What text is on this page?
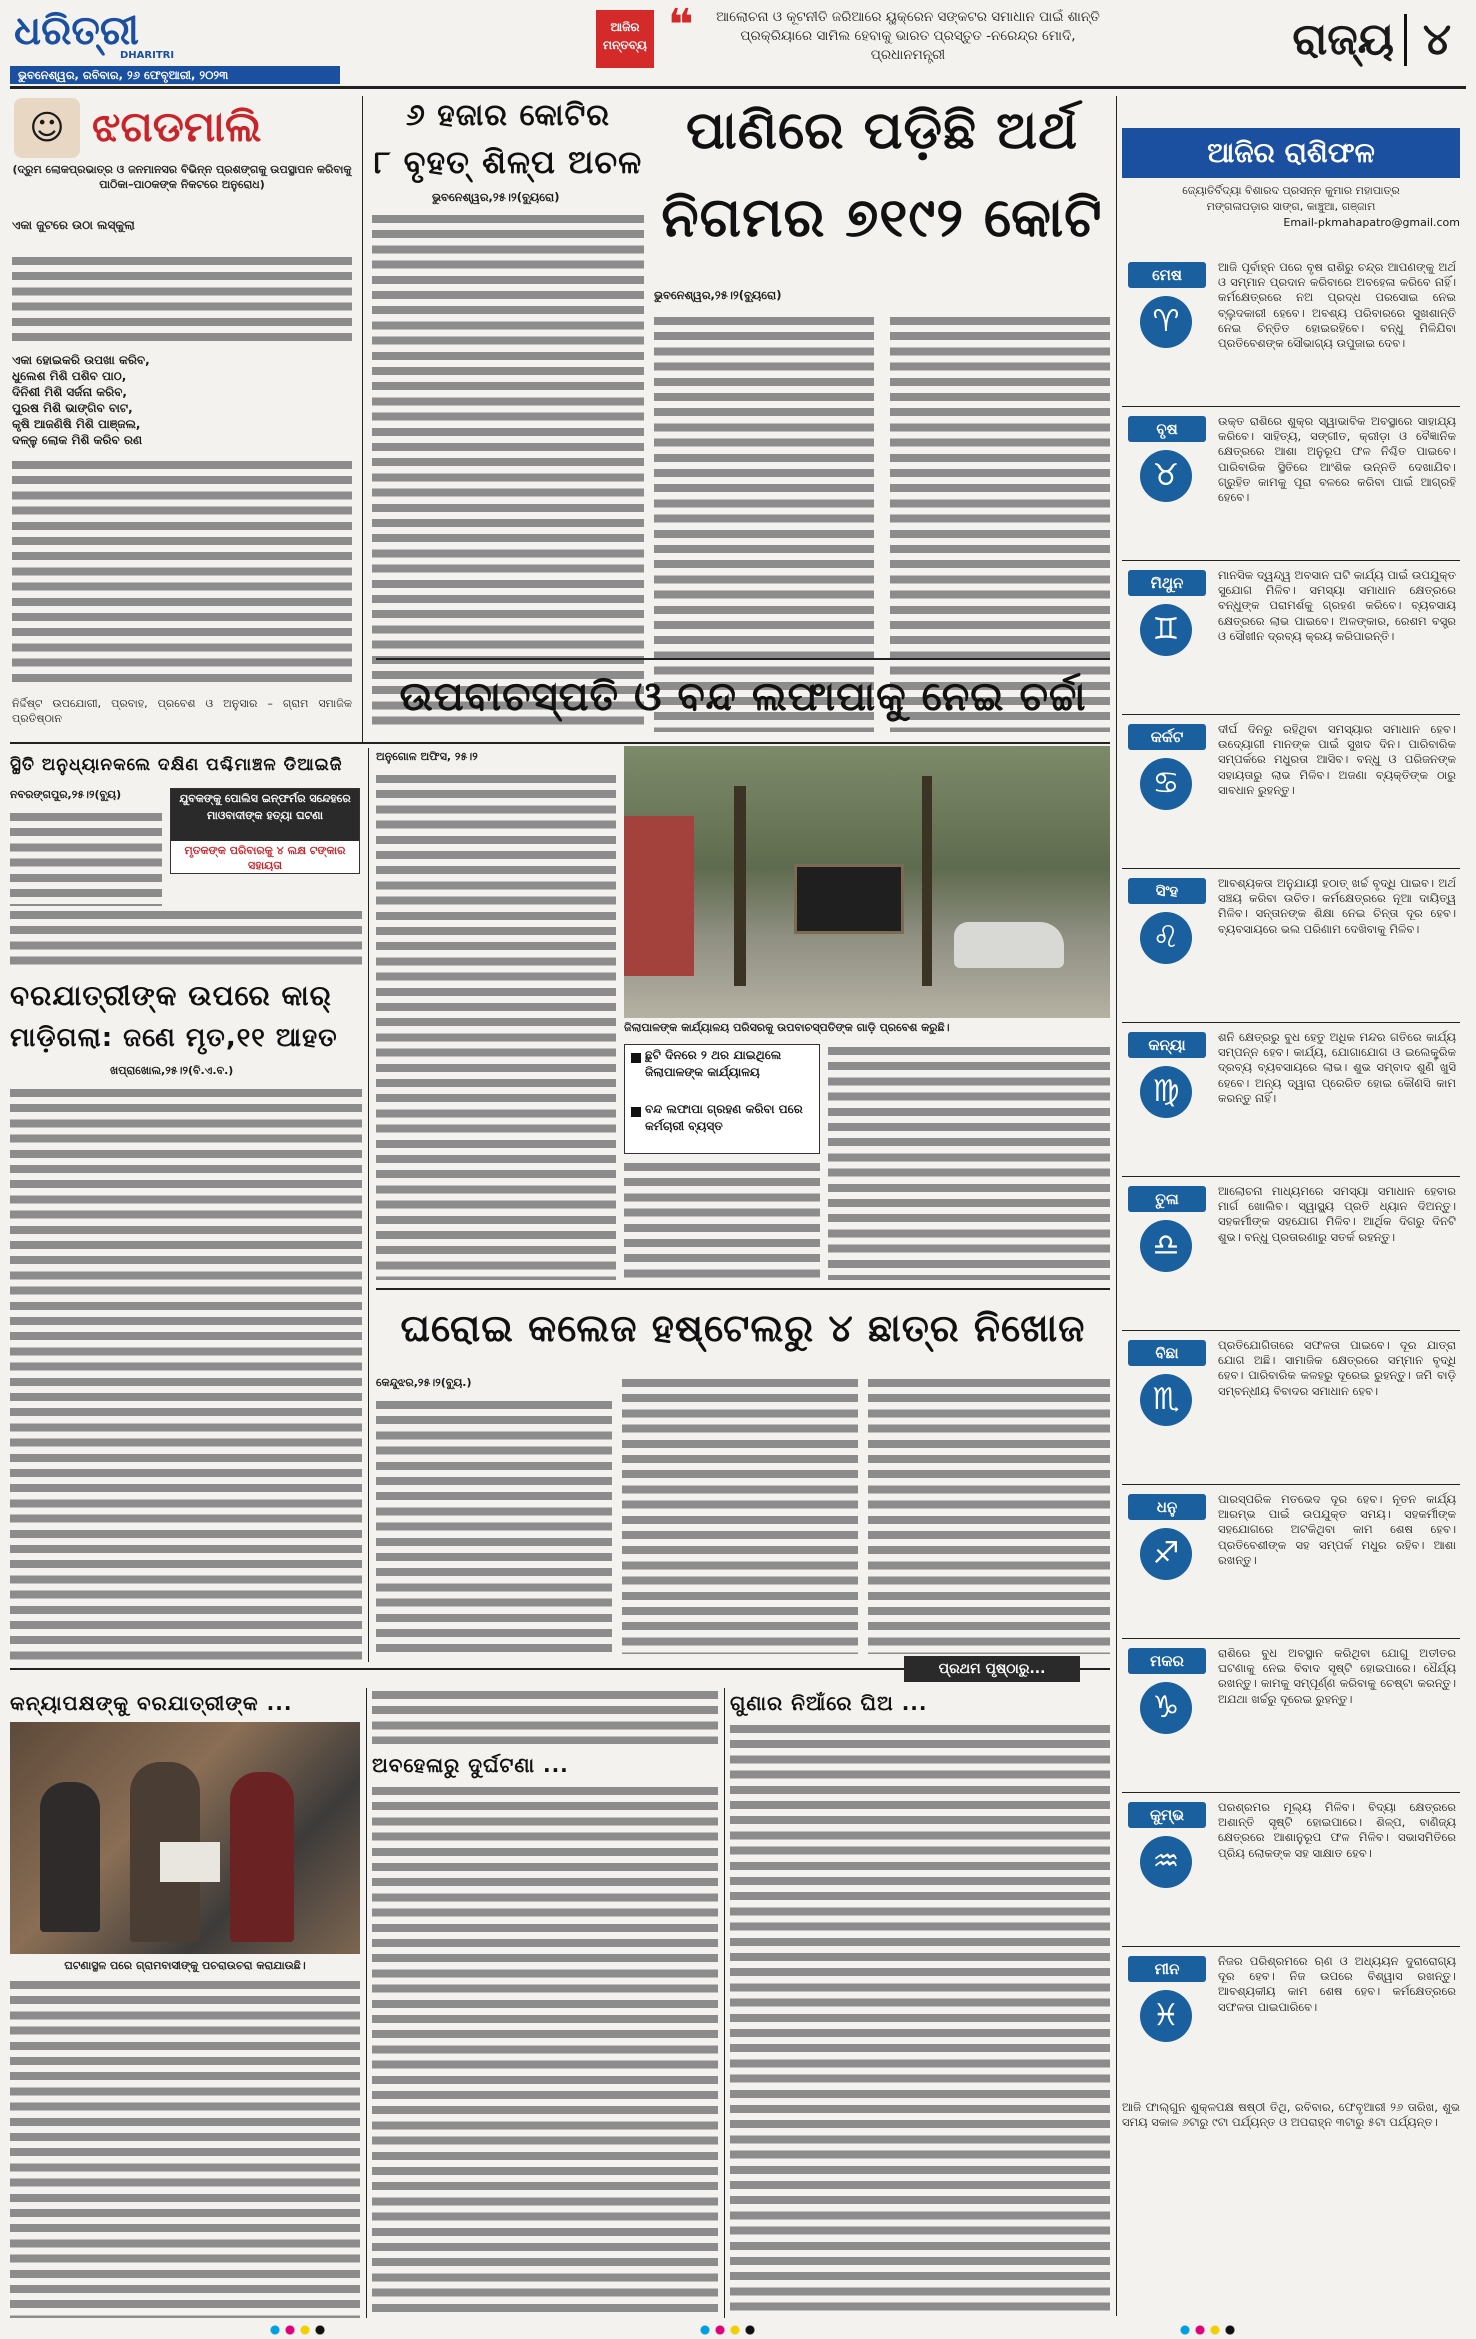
ଧରିତ୍ରୀ
DHARITRI
ଭୁବନେଶ୍ୱର, ରବିବାର, ୨୬ ଫେବୃଆରୀ, ୨୦୨୩
ଆଜିର ମନ୍ତବ୍ୟ ❝	ଆଲୋଚନା ଓ କୂଟନୀତି ଜରିଆରେ ୟୁକ୍ରେନ ସଙ୍କଟର ସମାଧାନ ପାଇଁ ଶାନ୍ତି ପ୍ରକ୍ରିୟାରେ ସାମିଲ ହେବାକୁ ଭାରତ ପ୍ରସ୍ତୁତ -ନରେନ୍ଦ୍ର ମୋଦି, ପ୍ରଧାନମନ୍ତ୍ରୀ	ରାଜ୍ୟ ୪
☺ ଝଗଡମାଲି
(ଦ୍ରୁମ ଲୋକପ୍ରଭାତ୍ର ଓ ଜନମାନସର ବିଭିନ୍ନ ପ୍ରଶଙ୍ଗକୁ ଉପସ୍ଥାପନ କରିବାକୁ ପାଠିକା–ପାଠକଙ୍କ ନିକଟରେ ଅନୁରୋଧ)
ଏକା ଜୁଟରେ ଉଠା ଲସ୍କୁଲା
ଏକା ହୋଇକରି ଉପଖା କରିବ,
ଧୁଲେଶ ମିଶି ପଶିବ ପାଠ,
ଦିନିଶୀ ମିଶି ସର୍ଜନା କରିବ,
ପୁରଷ ମିଶି ଭାଙ୍ଗିବ ବାଟ,
କୃଷି ଆଜଣିଷି ମିଶି ପାଞ୍ଜଲ,
ଦଳ୍ଳୁ ଲୋକ ମିଶି କରିବ ରଣ
ନିର୍ଦ୍ଦିଷ୍ଟ ଉପଯୋଗୀ, ପ୍ରବାହ, ପ୍ରବେଶ ଓ ଅନୁସାର – ଗ୍ରାମ ସମାଜିକ ପ୍ରତିଷ୍ଠାନ
୬ ହଜାର କୋଟିର
୮ ବୃହତ୍ ଶିଳ୍ପ ଅଚଳ
ଭୁବନେଶ୍ୱର,୨୫।୨(ବ୍ୟୁରୋ)
ପାଣିରେ ପଡ଼ିଛି ଅର୍ଥ
ନିଗମର ୭୧୯୨ କୋଟି
ଭୁବନେଶ୍ୱର,୨୫।୨(ବ୍ୟୁରୋ)
ଆଜିର ରାଶିଫଳ
ଜ୍ୟୋତିର୍ବିଦ୍ୟା ବିଶାରଦ ପ୍ରସନ୍ନ କୁମାର ମହାପାତ୍ର
ମଙ୍ଗଳାପଡ଼ାର ସାଙ୍ଗ, କାଞ୍ଚୁଆ, ଗଞ୍ଜାମ
Email-pkmahapatro@gmail.com
ମେଷ
♈
ଆଜି ପୂର୍ବାହ୍ନ ପରେ ବୃଷ ରାଶିରୁ ଚନ୍ଦ୍ର ଆପଣଙ୍କୁ ଅର୍ଥ ଓ ସମ୍ମାନ ପ୍ରଦାନ କରିବାରେ ଅବହେଳା କରିବେ ନାହିଁ। କର୍ମକ୍ଷେତ୍ରରେ ନଅ ପ୍ରଦ୍ଧ ପରସୋଇ ନେଇ ବ୍ଲୁଦକାରୀ ହେବେ। ଅବଶ୍ୟ ପରିବାରରେ ସୁଖଶାନ୍ତି ନେଇ ଚିନ୍ତିତ ହୋଇରହିବେ। ବନ୍ଧୁ ମିଳିଯିବା ପ୍ରତିବେଶଙ୍କ ସୌଭାଗ୍ୟ ଉପୁଜାଇ ଦେବ।
ବୃଷ
♉
ଉକ୍ତ ରାଶିରେ ଶୁକ୍ର ସ୍ୱାଭାବିକ ଅବସ୍ଥାରେ ସାହାଯ୍ୟ କରିବେ। ସାହିତ୍ୟ, ସଙ୍ଗୀତ, କ୍ରୀଡ଼ା ଓ ବୈଜ୍ଞାନିକ କ୍ଷେତ୍ରରେ ଆଶା ଅନୁରୂପ ଫଳ ନିଶ୍ଚିତ ପାଇବେ। ପାରିବାରିକ ସ୍ଥିତିରେ ଆଂଶିକ ଉନ୍ନତି ଦେଖାଯିବ। ଗ୍ରୁହିତ କାମକୁ ପୂରା ବଳରେ କରିବା ପାଇଁ ଆଗ୍ରହି ହେବେ।
ମିଥୁନ
♊
ମାନସିକ ଦ୍ୱନ୍ଦ୍ୱ ଅବସାନ ଘଟି କାର୍ଯ୍ୟ ପାଇଁ ଉପଯୁକ୍ତ ସୁଯୋଗ ମିଳିବ। ସମସ୍ୟା ସମାଧାନ କ୍ଷେତ୍ରରେ ବନ୍ଧୁଙ୍କ ପରାମର୍ଶକୁ ଗ୍ରହଣ କରିବେ। ବ୍ୟବସାୟ କ୍ଷେତ୍ରରେ ଲାଭ ପାଇବେ। ଅଳଙ୍କାର, ରେଶମ ବସ୍ତ୍ର ଓ ସୌଖୀନ ଦ୍ରବ୍ୟ କ୍ରୟ କରିପାରନ୍ତି।
କର୍କଟ
♋
ଦୀର୍ଘ ଦିନରୁ ରହିଥିବା ସମସ୍ୟାର ସମାଧାନ ହେବ। ଉଦ୍ୟୋଗୀ ମାନଙ୍କ ପାଇଁ ସୁଖଦ ଦିନ। ପାରିବାରିକ ସମ୍ପର୍କରେ ମଧୁରତା ଆସିବ। ବନ୍ଧୁ ଓ ପରିଜନଙ୍କ ସହାୟତାରୁ ଲାଭ ମିଳିବ। ଅଜଣା ବ୍ୟକ୍ତିଙ୍କ ଠାରୁ ସାବଧାନ ରୁହନ୍ତୁ।
ସିଂହ
♌
ଆବଶ୍ୟକତା ଅନୁଯାୟୀ ହଠାତ୍ ଖର୍ଚ୍ଚ ବୃଦ୍ଧି ପାଇବ। ଅର୍ଥ ସଞ୍ଚୟ କରିବା ଉଚିତ। କର୍ମକ୍ଷେତ୍ରରେ ନୂଆ ଦାୟିତ୍ୱ ମିଳିବ। ସନ୍ତାନଙ୍କ ଶିକ୍ଷା ନେଇ ଚିନ୍ତା ଦୂର ହେବ। ବ୍ୟବସାୟରେ ଭଲ ପରିଣାମ ଦେଖିବାକୁ ମିଳିବ।
କନ୍ୟା
♍
ଶନି କ୍ଷେତ୍ରରୁ ବୁଧ ହେତୁ ଅଧିକ ମନ୍ଦର ଗତିରେ କାର୍ଯ୍ୟ ସମ୍ପନ୍ନ ହେବ। କାର୍ଯ୍ୟ, ଯୋଗାଯୋଗ ଓ ଇଲେକ୍ଟ୍ରିକ ଦ୍ରବ୍ୟ ବ୍ୟବସାୟରେ ଲାଭ। ଶୁଭ ସମ୍ବାଦ ଶୁଣି ଖୁସି ହେବେ। ଅନ୍ୟ ଦ୍ୱାରା ପ୍ରେରିତ ହୋଇ କୌଣସି କାମ କରନ୍ତୁ ନାହିଁ।
ତୁଳା
♎
ଆଲୋଚନା ମାଧ୍ୟମରେ ସମସ୍ୟା ସମାଧାନ ହେବାର ମାର୍ଗ ଖୋଲିବ। ସ୍ୱାସ୍ଥ୍ୟ ପ୍ରତି ଧ୍ୟାନ ଦିଅନ୍ତୁ। ସହକର୍ମୀଙ୍କ ସହଯୋଗ ମିଳିବ। ଆର୍ଥିକ ଦିଗରୁ ଦିନଟି ଶୁଭ। ବନ୍ଧୁ ପ୍ରତାରଣାରୁ ସତର୍କ ରହନ୍ତୁ।
ବିଛା
♏
ପ୍ରତିଯୋଗିତାରେ ସଫଳତା ପାଇବେ। ଦୂର ଯାତ୍ରା ଯୋଗ ଅଛି। ସାମାଜିକ କ୍ଷେତ୍ରରେ ସମ୍ମାନ ବୃଦ୍ଧି ହେବ। ପାରିବାରିକ କଳହରୁ ଦୂରେଇ ରୁହନ୍ତୁ। ଜମି ବାଡ଼ି ସମ୍ବନ୍ଧୀୟ ବିବାଦର ସମାଧାନ ହେବ।
ଧନୁ
♐
ପାରସ୍ପରିକ ମତଭେଦ ଦୂର ହେବ। ନୂତନ କାର୍ଯ୍ୟ ଆରମ୍ଭ ପାଇଁ ଉପଯୁକ୍ତ ସମୟ। ସହକର୍ମୀଙ୍କ ସହଯୋଗରେ ଅଟକିଥିବା କାମ ଶେଷ ହେବ। ପ୍ରତିବେଶୀଙ୍କ ସହ ସମ୍ପର୍କ ମଧୁର ରହିବ। ଆଶା ରଖନ୍ତୁ।
ମକର
♑
ରାଶିରେ ବୁଧ ଅବସ୍ଥାନ କରିଥିବା ଯୋଗୁ ଅତୀତର ଘଟଣାକୁ ନେଇ ବିବାଦ ସୃଷ୍ଟି ହୋଇପାରେ। ଧୈର୍ଯ୍ୟ ରଖନ୍ତୁ। କାମକୁ ସମ୍ପୂର୍ଣ୍ଣ କରିବାକୁ ଚେଷ୍ଟା କରନ୍ତୁ। ଅଯଥା ଖର୍ଚ୍ଚରୁ ଦୂରେଇ ରୁହନ୍ତୁ।
କୁମ୍ଭ
♒
ପରଶ୍ରମର ମୂଲ୍ୟ ମିଳିବ। ବିଦ୍ୟା କ୍ଷେତ୍ରରେ ଅଶାନ୍ତି ସୃଷ୍ଟି ହୋଇପାରେ। ଶିଳ୍ପ, ବାଣିଜ୍ୟ କ୍ଷେତ୍ରରେ ଆଶାନୁରୂପ ଫଳ ମିଳିବ। ସଭାସମିତିରେ ପ୍ରିୟ ଲୋକଙ୍କ ସହ ସାକ୍ଷାତ ହେବ।
ମୀନ
♓
ନିଜର ପରିଶ୍ରମରେ ଋଣ ଓ ଅଧ୍ୟୟନ ଦୁରାରୋଗ୍ୟ ଦୂର ହେବ। ନିଜ ଉପରେ ବିଶ୍ୱାସ ରଖନ୍ତୁ। ଆବଶ୍ୟକୀୟ କାମ ଶେଷ ହେବ। କର୍ମକ୍ଷେତ୍ରରେ ସଫଳତା ପାଇପାରିବେ।
ଆଜି ଫାଲ୍ଗୁନ ଶୁକ୍ଳପକ୍ଷ ଷଷ୍ଠୀ ତିଥି, ରବିବାର, ଫେବୃଆରୀ ୨୬ ତାରିଖ, ଶୁଭ ସମୟ ସକାଳ ୬ଟାରୁ ୯ଟା ପର୍ଯ୍ୟନ୍ତ ଓ ଅପରାହ୍ନ ୩ଟାରୁ ୫ଟା ପର୍ଯ୍ୟନ୍ତ।
ସ୍ଥିତି ଅନୁଧ୍ୟାନକଲେ ଦକ୍ଷିଣ ପଶ୍ଚିମାଞ୍ଚଳ ଡିଆଇଜି
ନବରଙ୍ଗପୁର,୨୫।୨(ବ୍ୟୁ)	ଯୁବକଙ୍କୁ ପୋଲିସ ଇନ୍‌ଫର୍ମର ସନ୍ଦେହରେ ମାଓବାଦୀଙ୍କ ହତ୍ୟା ଘଟଣା
ମୃତକଙ୍କ ପରିବାରକୁ ୪ ଲକ୍ଷ ଟଙ୍କାର ସହାୟତା
ବରଯାତ୍ରୀଙ୍କ ଉପରେ କାର୍
ମାଡ଼ିଗଲା: ଜଣେ ମୃତ,୧୧ ଆହତ
ଖପ୍ରାଖୋଲ,୨୫।୨(ବି.ଏ.ବ.)
ଉପବାଚସ୍ପତି ଓ ବନ୍ଦ ଲଫାପାକୁ ନେଇ ଚର୍ଚ୍ଚା
ଅନୁଗୋଳ ଅଫିସ, ୨୫।୨
ଜିଲାପାଳଙ୍କ କାର୍ଯ୍ୟାଳୟ ପରିସରକୁ ଉପବାଚସ୍ପତିଙ୍କ ଗାଡ଼ି ପ୍ରବେଶ କରୁଛି।
ଛୁଟି ଦିନରେ ୨ ଥର ଯାଇଥିଲେ ଜିଲାପାଳଙ୍କ କାର୍ଯ୍ୟାଳୟ
ବନ୍ଦ ଲଫାପା ଗ୍ରହଣ କରିବା ପରେ କର୍ମଚାରୀ ବ୍ୟସ୍ତ
ଘରୋଇ କଲେଜ ହଷ୍ଟେଲରୁ ୪ ଛାତ୍ର ନିଖୋଜ
କେନ୍ଦୁଝର,୨୫।୨(ବ୍ୟୁ.)
ପ୍ରଥମ ପୃଷ୍ଠାରୁ...
କନ୍ୟାପକ୍ଷଙ୍କୁ ବରଯାତ୍ରୀଙ୍କ ...
ଘଟଣାସ୍ଥଳ ପରେ ଗ୍ରାମବାସୀଙ୍କୁ ପଚରାଉଚରା କରାଯାଉଛି।
ଅବହେଳାରୁ ଦୁର୍ଘଟଣା ...
ଗୁଣାର ନିଆଁରେ ଘିଅ ...
